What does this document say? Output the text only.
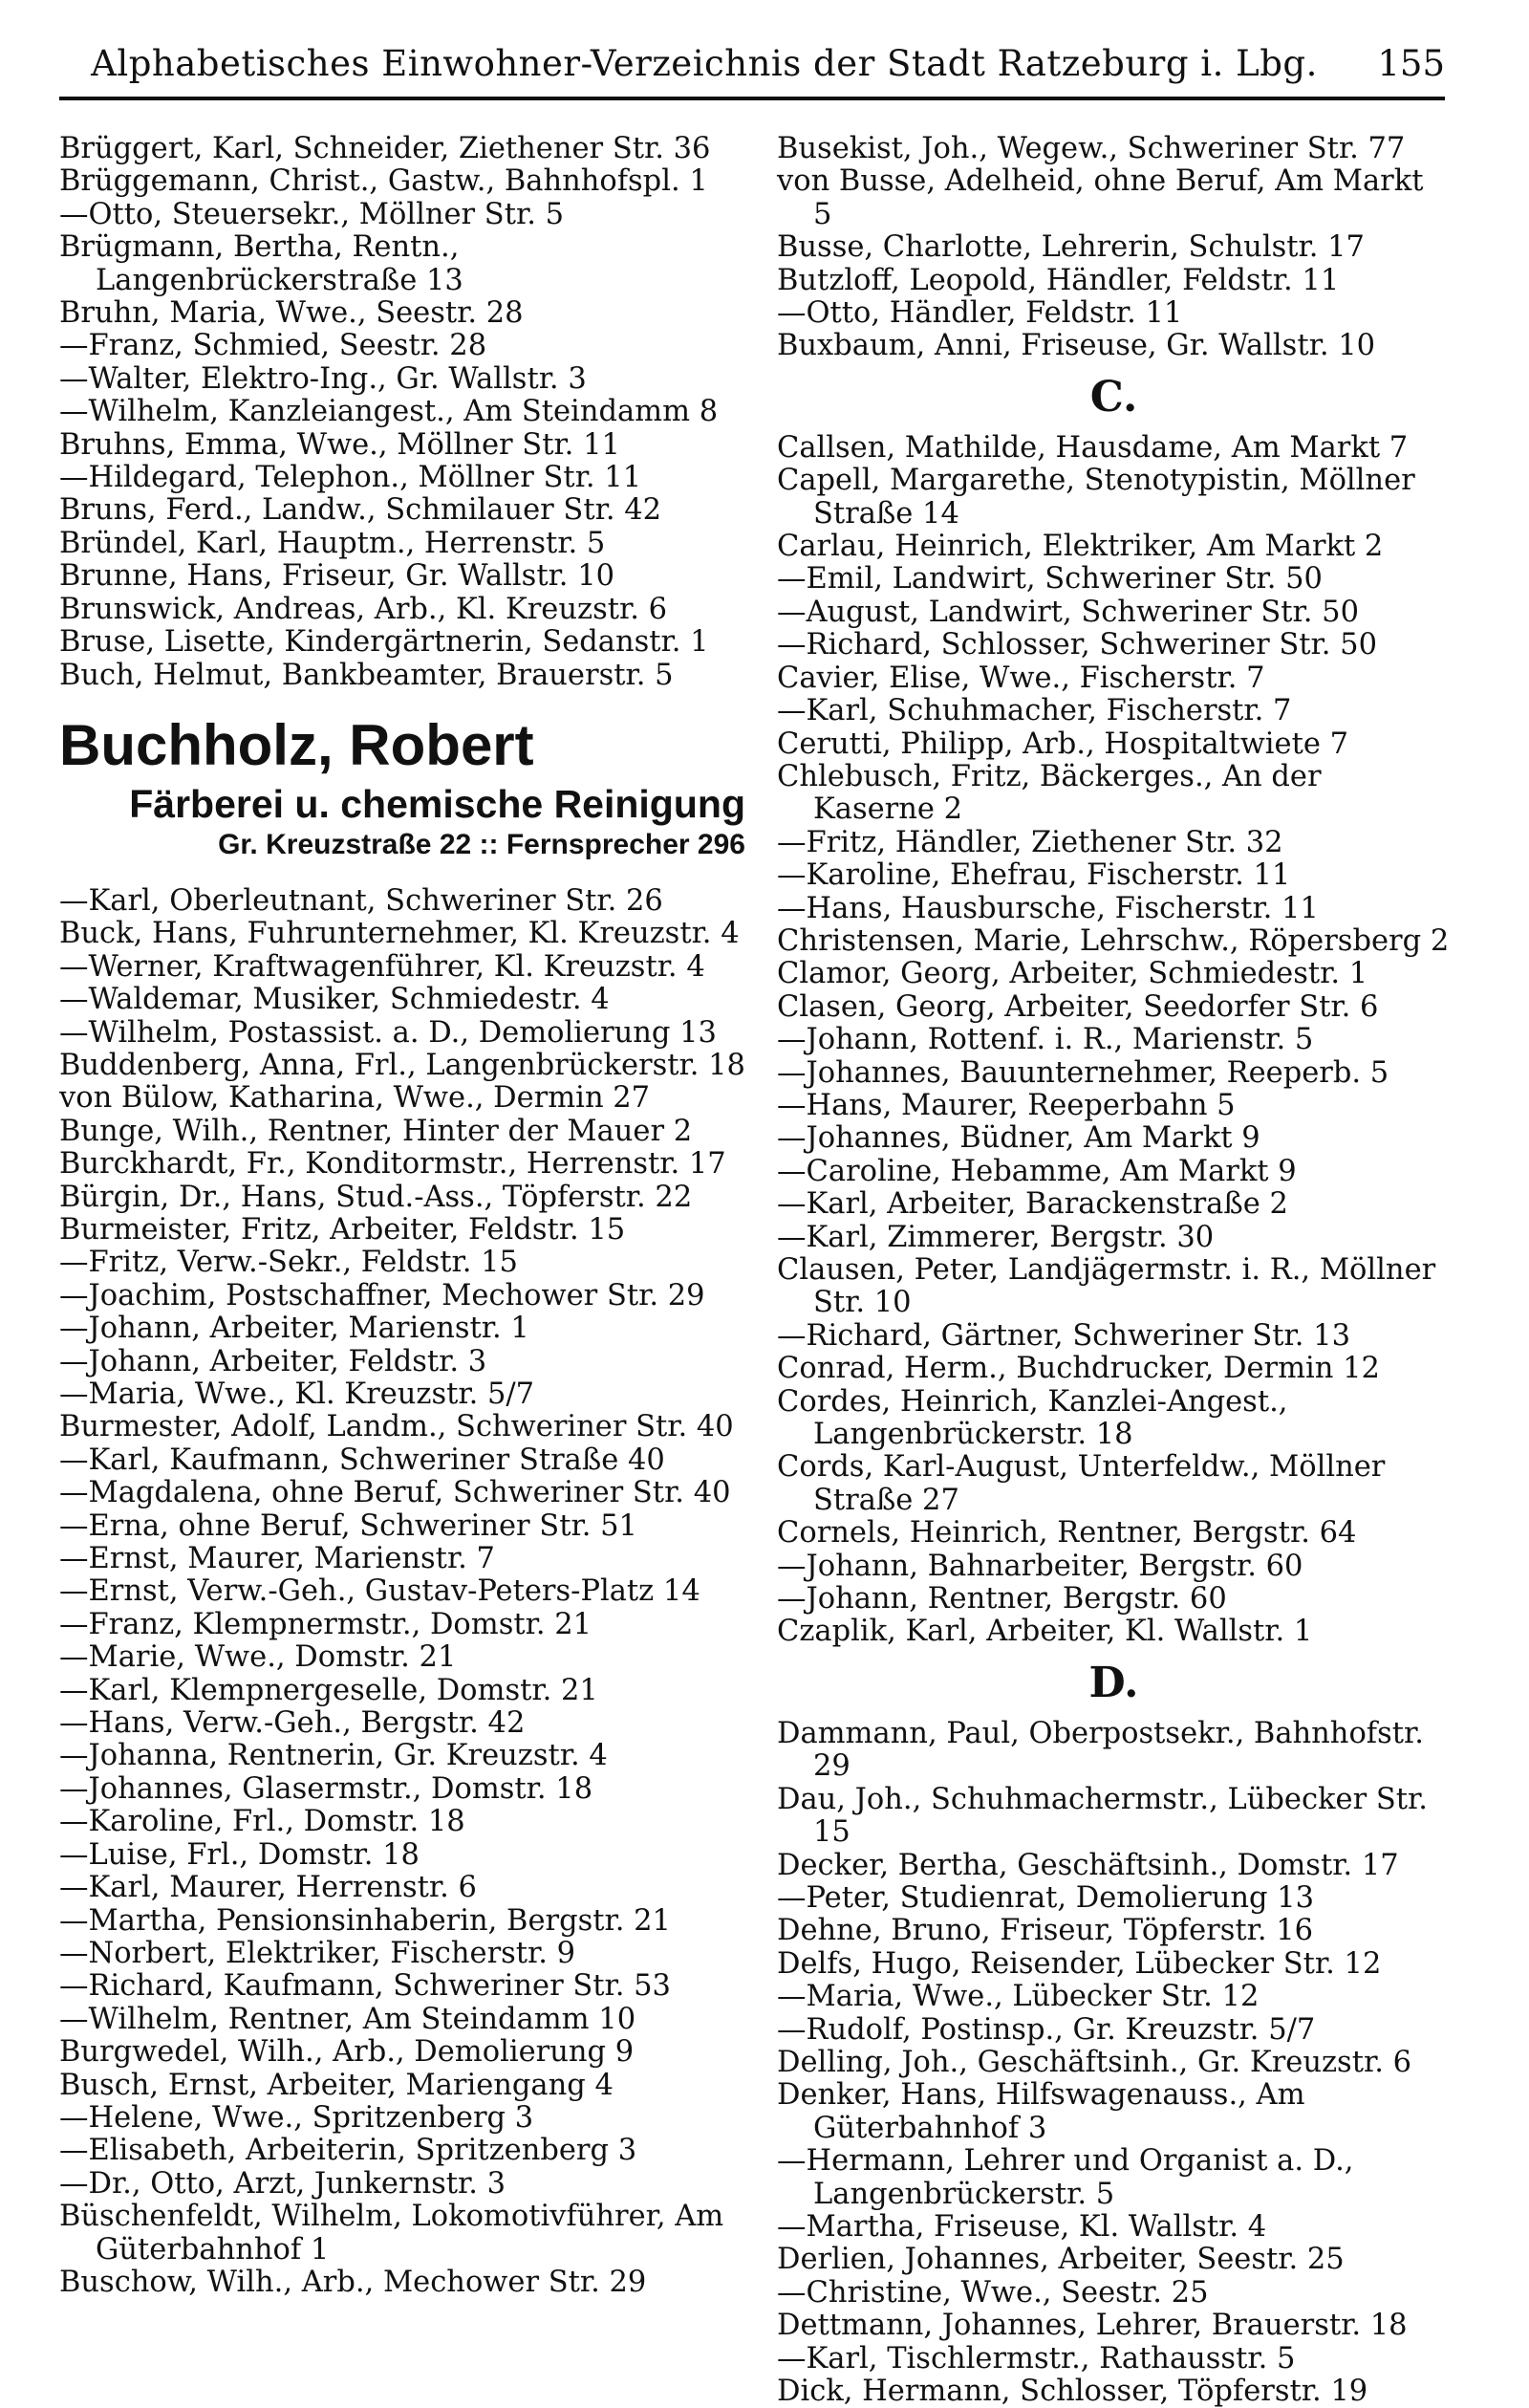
Alphabetisches Einwohner-Verzeichnis der Stadt Ratzeburg i. Lbg.	155
Brüggert, Karl, Schneider, Ziethener Str. 36
Brüggemann, Christ., Gastw., Bahnhofspl. 1
—Otto, Steuersekr., Möllner Str. 5
Brügmann, Bertha, Rentn., Langenbrückerstraße 13
Bruhn, Maria, Wwe., Seestr. 28
—Franz, Schmied, Seestr. 28
—Walter, Elektro-Ing., Gr. Wallstr. 3
—Wilhelm, Kanzleiangest., Am Steindamm 8
Bruhns, Emma, Wwe., Möllner Str. 11
—Hildegard, Telephon., Möllner Str. 11
Bruns, Ferd., Landw., Schmilauer Str. 42
Bründel, Karl, Hauptm., Herrenstr. 5
Brunne, Hans, Friseur, Gr. Wallstr. 10
Brunswick, Andreas, Arb., Kl. Kreuzstr. 6
Bruse, Lisette, Kindergärtnerin, Sedanstr. 1
Buch, Helmut, Bankbeamter, Brauerstr. 5
Buchholz, Robert
Färberei u. chemische Reinigung
Gr. Kreuzstraße 22 :: Fernsprecher 296
—Karl, Oberleutnant, Schweriner Str. 26
Buck, Hans, Fuhrunternehmer, Kl. Kreuzstr. 4
—Werner, Kraftwagenführer, Kl. Kreuzstr. 4
—Waldemar, Musiker, Schmiedestr. 4
—Wilhelm, Postassist. a. D., Demolierung 13
Buddenberg, Anna, Frl., Langenbrückerstr. 18
von Bülow, Katharina, Wwe., Dermin 27
Bunge, Wilh., Rentner, Hinter der Mauer 2
Burckhardt, Fr., Konditormstr., Herrenstr. 17
Bürgin, Dr., Hans, Stud.-Ass., Töpferstr. 22
Burmeister, Fritz, Arbeiter, Feldstr. 15
—Fritz, Verw.-Sekr., Feldstr. 15
—Joachim, Postschaffner, Mechower Str. 29
—Johann, Arbeiter, Marienstr. 1
—Johann, Arbeiter, Feldstr. 3
—Maria, Wwe., Kl. Kreuzstr. 5/7
Burmester, Adolf, Landm., Schweriner Str. 40
—Karl, Kaufmann, Schweriner Straße 40
—Magdalena, ohne Beruf, Schweriner Str. 40
—Erna, ohne Beruf, Schweriner Str. 51
—Ernst, Maurer, Marienstr. 7
—Ernst, Verw.-Geh., Gustav-Peters-Platz 14
—Franz, Klempnermstr., Domstr. 21
—Marie, Wwe., Domstr. 21
—Karl, Klempnergeselle, Domstr. 21
—Hans, Verw.-Geh., Bergstr. 42
—Johanna, Rentnerin, Gr. Kreuzstr. 4
—Johannes, Glasermstr., Domstr. 18
—Karoline, Frl., Domstr. 18
—Luise, Frl., Domstr. 18
—Karl, Maurer, Herrenstr. 6
—Martha, Pensionsinhaberin, Bergstr. 21
—Norbert, Elektriker, Fischerstr. 9
—Richard, Kaufmann, Schweriner Str. 53
—Wilhelm, Rentner, Am Steindamm 10
Burgwedel, Wilh., Arb., Demolierung 9
Busch, Ernst, Arbeiter, Mariengang 4
—Helene, Wwe., Spritzenberg 3
—Elisabeth, Arbeiterin, Spritzenberg 3
—Dr., Otto, Arzt, Junkernstr. 3
Büschenfeldt, Wilhelm, Lokomotivführer, Am Güterbahnhof 1
Buschow, Wilh., Arb., Mechower Str. 29
Busekist, Joh., Wegew., Schweriner Str. 77
von Busse, Adelheid, ohne Beruf, Am Markt 5
Busse, Charlotte, Lehrerin, Schulstr. 17
Butzloff, Leopold, Händler, Feldstr. 11
—Otto, Händler, Feldstr. 11
Buxbaum, Anni, Friseuse, Gr. Wallstr. 10
C.
Callsen, Mathilde, Hausdame, Am Markt 7
Capell, Margarethe, Stenotypistin, Möllner Straße 14
Carlau, Heinrich, Elektriker, Am Markt 2
—Emil, Landwirt, Schweriner Str. 50
—August, Landwirt, Schweriner Str. 50
—Richard, Schlosser, Schweriner Str. 50
Cavier, Elise, Wwe., Fischerstr. 7
—Karl, Schuhmacher, Fischerstr. 7
Cerutti, Philipp, Arb., Hospitaltwiete 7
Chlebusch, Fritz, Bäckerges., An der Kaserne 2
—Fritz, Händler, Ziethener Str. 32
—Karoline, Ehefrau, Fischerstr. 11
—Hans, Hausbursche, Fischerstr. 11
Christensen, Marie, Lehrschw., Röpersberg 2
Clamor, Georg, Arbeiter, Schmiedestr. 1
Clasen, Georg, Arbeiter, Seedorfer Str. 6
—Johann, Rottenf. i. R., Marienstr. 5
—Johannes, Bauunternehmer, Reeperb. 5
—Hans, Maurer, Reeperbahn 5
—Johannes, Büdner, Am Markt 9
—Caroline, Hebamme, Am Markt 9
—Karl, Arbeiter, Barackenstraße 2
—Karl, Zimmerer, Bergstr. 30
Clausen, Peter, Landjägermstr. i. R., Möllner Str. 10
—Richard, Gärtner, Schweriner Str. 13
Conrad, Herm., Buchdrucker, Dermin 12
Cordes, Heinrich, Kanzlei-Angest., Langenbrückerstr. 18
Cords, Karl-August, Unterfeldw., Möllner Straße 27
Cornels, Heinrich, Rentner, Bergstr. 64
—Johann, Bahnarbeiter, Bergstr. 60
—Johann, Rentner, Bergstr. 60
Czaplik, Karl, Arbeiter, Kl. Wallstr. 1
D.
Dammann, Paul, Oberpostsekr., Bahnhofstr. 29
Dau, Joh., Schuhmachermstr., Lübecker Str. 15
Decker, Bertha, Geschäftsinh., Domstr. 17
—Peter, Studienrat, Demolierung 13
Dehne, Bruno, Friseur, Töpferstr. 16
Delfs, Hugo, Reisender, Lübecker Str. 12
—Maria, Wwe., Lübecker Str. 12
—Rudolf, Postinsp., Gr. Kreuzstr. 5/7
Delling, Joh., Geschäftsinh., Gr. Kreuzstr. 6
Denker, Hans, Hilfswagenauss., Am Güterbahnhof 3
—Hermann, Lehrer und Organist a. D., Langenbrückerstr. 5
—Martha, Friseuse, Kl. Wallstr. 4
Derlien, Johannes, Arbeiter, Seestr. 25
—Christine, Wwe., Seestr. 25
Dettmann, Johannes, Lehrer, Brauerstr. 18
—Karl, Tischlermstr., Rathausstr. 5
Dick, Hermann, Schlosser, Töpferstr. 19
